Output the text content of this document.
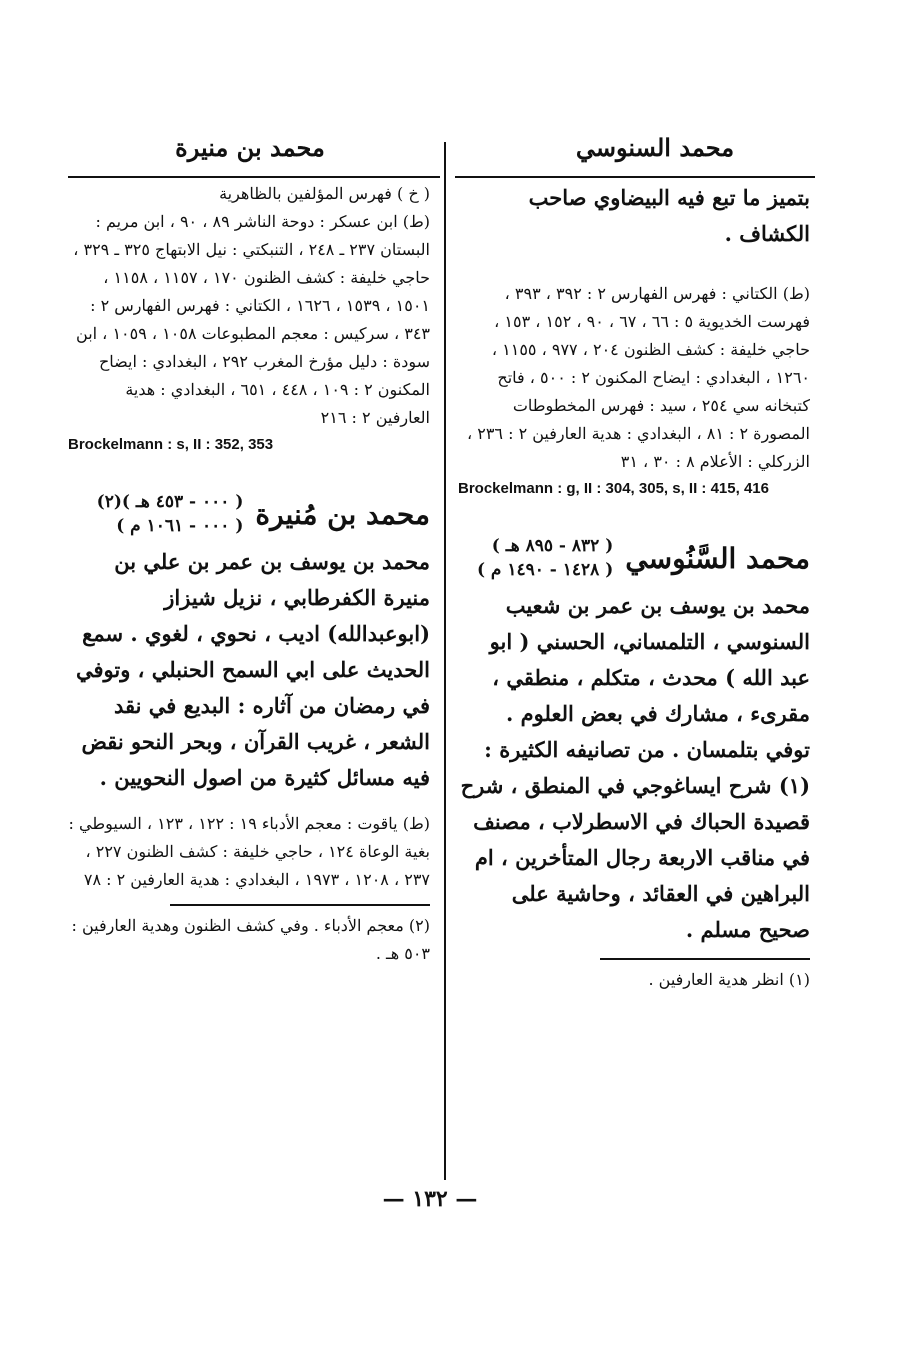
محمد السنوسي
محمد بن منيرة
بتميز ما تبع فيه البيضاوي صاحب الكشاف .
(ط) الكتاني : فهرس الفهارس ٢ : ٣٩٢ ، ٣٩٣ ، فهرست الخديوية ٥ : ٦٦ ، ٦٧ ، ٩٠ ، ١٥٢ ، ١٥٣ ، حاجي خليفة : كشف الظنون ٢٠٤ ، ٩٧٧ ، ١١٥٥ ، ١٢٦٠ ، البغدادي : ايضاح المكنون ٢ : ٥٠٠ ، فاتح كتبخانه سي ٢٥٤ ، سيد : فهرس المخطوطات المصورة ٢ : ٨١ ، البغدادي : هدية العارفين ٢ : ٢٣٦ ، الزركلي : الأعلام ٨ : ٣٠ ، ٣١
Brockelmann : g, II : 304, 305, s, II : 415, 416
محمد السَّنُوسي
( ٨٣٢ - ٨٩٥ هـ )
( ١٤٢٨ - ١٤٩٠ م )
محمد بن يوسف بن عمر بن شعيب السنوسي ، التلمساني، الحسني ( ابو عبد الله ) محدث ، متكلم ، منطقي ، مقرىء ، مشارك في بعض العلوم . توفي بتلمسان . من تصانيفه الكثيرة : (١) شرح ايساغوجي في المنطق ، شرح قصيدة الحباك في الاسطرلاب ، مصنف في مناقب الاربعة رجال المتأخرين ، ام البراهين في العقائد ، وحاشية على صحيح مسلم .
(١) انظر هدية العارفين .
( خ ) فهرس المؤلفين بالظاهرية
(ط) ابن عسكر : دوحة الناشر ٨٩ ، ٩٠ ، ابن مريم : البستان ٢٣٧ ـ ٢٤٨ ، التنبكتي : نيل الابتهاج ٣٢٥ ـ ٣٢٩ ، حاجي خليفة : كشف الظنون ١٧٠ ، ١١٥٧ ، ١١٥٨ ، ١٥٠١ ، ١٥٣٩ ، ١٦٢٦ ، الكتاني : فهرس الفهارس ٢ : ٣٤٣ ، سركيس : معجم المطبوعات ١٠٥٨ ، ١٠٥٩ ، ابن سودة : دليل مؤرخ المغرب ٢٩٢ ، البغدادي : ايضاح المكنون ٢ : ١٠٩ ، ٤٤٨ ، ٦٥١ ، البغدادي : هدية العارفين ٢ : ٢١٦
Brockelmann : s, II : 352, 353
محمد بن مُنيرة
( ٠٠٠ - ٤٥٣ هـ )(٢)
( ٠٠٠ - ١٠٦١ م )
محمد بن يوسف بن عمر بن علي بن منيرة الكفرطابي ، نزيل شيزاز (ابوعبدالله) اديب ، نحوي ، لغوي . سمع الحديث على ابي السمح الحنبلي ، وتوفي في رمضان من آثاره : البديع في نقد الشعر ، غريب القرآن ، وبحر النحو نقض فيه مسائل كثيرة من اصول النحويين .
(ط) ياقوت : معجم الأدباء ١٩ : ١٢٢ ، ١٢٣ ، السيوطي : بغية الوعاة ١٢٤ ، حاجي خليفة : كشف الظنون ٢٢٧ ، ٢٣٧ ، ١٢٠٨ ، ١٩٧٣ ، البغدادي : هدية العارفين ٢ : ٧٨
(٢) معجم الأدباء . وفي كشف الظنون وهدية العارفين : ٥٠٣ هـ .
— ١٣٢ —
